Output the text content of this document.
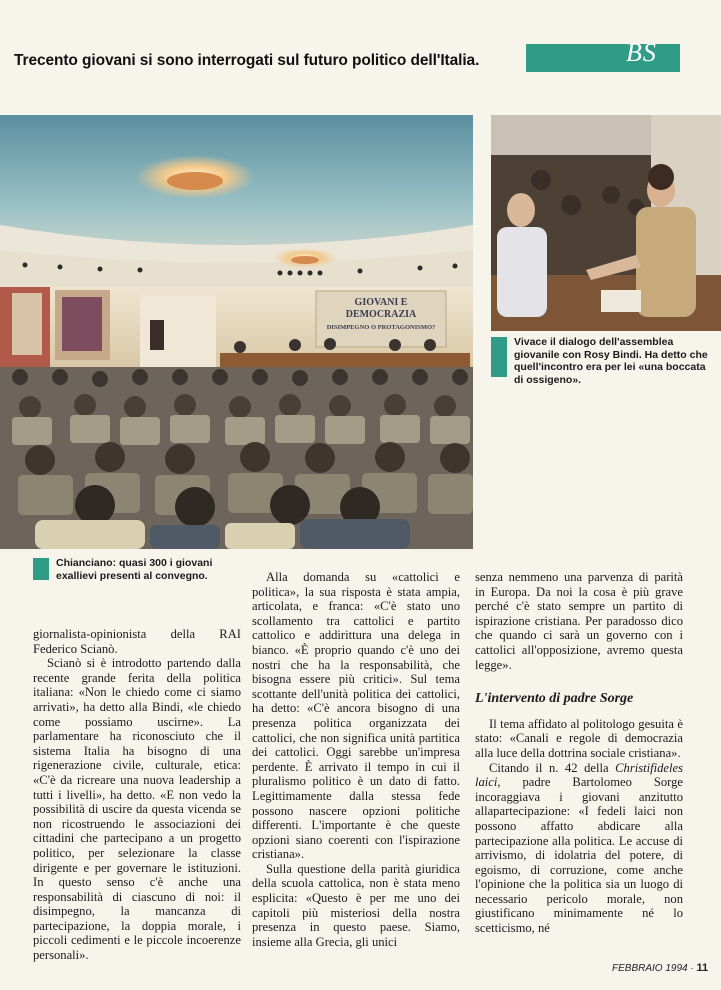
Trecento giovani si sono interrogati sul futuro politico dell'Italia.	BS
GIOVANI E
DEMOCRAZIA
DISIMPEGNO O PROTAGONISMO?
Vivace il dialogo dell'assemblea giovanile con Rosy Bindi. Ha detto che quell'incontro era per lei «una boccata di ossigeno».
Chianciano: quasi 300 i giovani exallievi presenti al convegno.

giornalista-opinionista della RAI Federico Scianò.

Scianò si è introdotto partendo dalla recente grande ferita della politica italiana: «Non le chiedo come ci siamo arrivati», ha detto alla Bindi, «le chiedo come possiamo uscirne». La parlamentare ha riconosciuto che il sistema Italia ha bisogno di una rigenerazione civile, culturale, etica: «C'è da ricreare una nuova leadership a tutti i livelli», ha detto. «E non vedo la possibilità di uscire da questa vicenda se non ricostruendo le associazioni dei cittadini che partecipano a un progetto politico, per selezionare la classe dirigente e per governare le istituzioni. In questo senso c'è anche una responsabilità di ciascuno di noi: il disimpegno, la mancanza di partecipazione, la doppia morale, i piccoli cedimenti e le piccole incoerenze personali».

Alla domanda su «cattolici e politica», la sua risposta è stata ampia, articolata, e franca: «C'è stato uno scollamento tra cattolici e partito cattolico e addirittura una delega in bianco. «È proprio quando c'è uno dei nostri che ha la responsabilità, che bisogna essere più critici». Sul tema scottante dell'unità politica dei cattolici, ha detto: «C'è ancora bisogno di una presenza politica organizzata dei cattolici, che non significa unità partitica dei cattolici. Oggi sarebbe un'impresa perdente. È arrivato il tempo in cui il pluralismo politico è un dato di fatto. Legittimamente dalla stessa fede possono nascere opzioni politiche differenti. L'importante è che queste opzioni siano coerenti con l'ispirazione cristiana».

Sulla questione della parità giuridica della scuola cattolica, non è stata meno esplicita: «Questo è per me uno dei capitoli più misteriosi della nostra presenza in questo paese. Siamo, insieme alla Grecia, gli unici

senza nemmeno una parvenza di parità in Europa. Da noi la cosa è più grave perché c'è stato sempre un partito di ispirazione cristiana. Per paradosso dico che quando ci sarà un governo con i cattolici all'opposizione, avremo questa legge».

L'intervento di padre Sorge

Il tema affidato al politologo gesuita è stato: «Canali e regole di democrazia alla luce della dottrina sociale cristiana».

Citando il n. 42 della Christifideles laici, padre Bartolomeo Sorge incoraggiava i giovani anzitutto allapartecipazione: «I fedeli laici non possono affatto abdicare alla partecipazione alla politica. Le accuse di arrivismo, di idolatria del potere, di egoismo, di corruzione, come anche l'opinione che la politica sia un luogo di necessario pericolo morale, non giustificano minimamente né lo scetticismo, né

FEBBRAIO 1994 · 11
